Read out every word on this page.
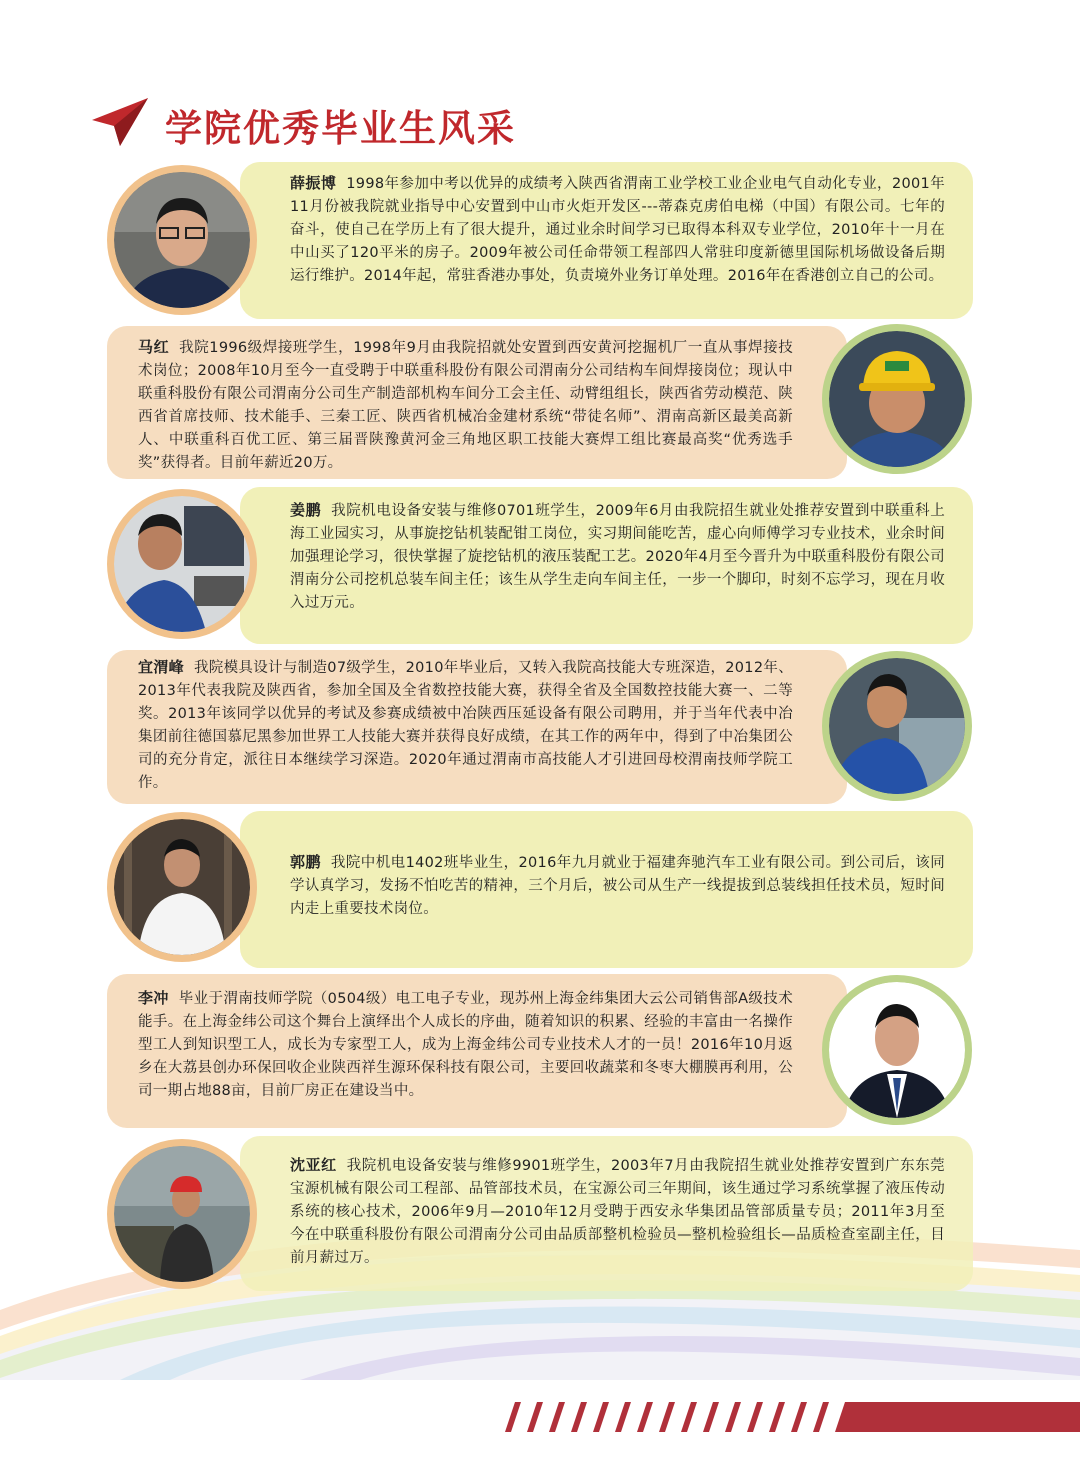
学院优秀毕业生风采
薛振博 1998年参加中考以优异的成绩考入陕西省渭南工业学校工业企业电气自动化专业，2001年11月份被我院就业指导中心安置到中山市火炬开发区---蒂森克虏伯电梯（中国）有限公司。七年的奋斗，使自己在学历上有了很大提升，通过业余时间学习已取得本科双专业学位，2010年十一月在中山买了120平米的房子。2009年被公司任命带领工程部四人常驻印度新德里国际机场做设备后期运行维护。2014年起，常驻香港办事处，负责境外业务订单处理。2016年在香港创立自己的公司。
马红 我院1996级焊接班学生，1998年9月由我院招就处安置到西安黄河挖掘机厂一直从事焊接技术岗位；2008年10月至今一直受聘于中联重科股份有限公司渭南分公司结构车间焊接岗位；现认中联重科股份有限公司渭南分公司生产制造部机构车间分工会主任、动臂组组长，陕西省劳动模范、陕西省首席技师、技术能手、三秦工匠、陕西省机械冶金建材系统“带徒名师”、渭南高新区最美高新人、中联重科百优工匠、第三届晋陕豫黄河金三角地区职工技能大赛焊工组比赛最高奖“优秀选手奖”获得者。目前年薪近20万。
姜鹏 我院机电设备安装与维修0701班学生，2009年6月由我院招生就业处推荐安置到中联重科上海工业园实习，从事旋挖钻机装配钳工岗位，实习期间能吃苦，虚心向师傅学习专业技术，业余时间加强理论学习，很快掌握了旋挖钻机的液压装配工艺。2020年4月至今晋升为中联重科股份有限公司渭南分公司挖机总装车间主任；该生从学生走向车间主任，一步一个脚印，时刻不忘学习，现在月收入过万元。
宜渭峰 我院模具设计与制造07级学生，2010年毕业后，又转入我院高技能大专班深造，2012年、2013年代表我院及陕西省，参加全国及全省数控技能大赛，获得全省及全国数控技能大赛一、二等奖。2013年该同学以优异的考试及参赛成绩被中冶陕西压延设备有限公司聘用，并于当年代表中冶集团前往德国慕尼黑参加世界工人技能大赛并获得良好成绩，在其工作的两年中，得到了中冶集团公司的充分肯定，派往日本继续学习深造。2020年通过渭南市高技能人才引进回母校渭南技师学院工作。
郭鹏 我院中机电1402班毕业生，2016年九月就业于福建奔驰汽车工业有限公司。到公司后，该同学认真学习，发扬不怕吃苦的精神，三个月后，被公司从生产一线提拔到总装线担任技术员，短时间内走上重要技术岗位。
李冲 毕业于渭南技师学院（0504级）电工电子专业，现苏州上海金纬集团大云公司销售部A级技术能手。在上海金纬公司这个舞台上演绎出个人成长的序曲，随着知识的积累、经验的丰富由一名操作型工人到知识型工人，成长为专家型工人，成为上海金纬公司专业技术人才的一员！2016年10月返乡在大荔县创办环保回收企业陕西祥生源环保科技有限公司，主要回收蔬菜和冬枣大棚膜再利用，公司一期占地88亩，目前厂房正在建设当中。
沈亚红 我院机电设备安装与维修9901班学生，2003年7月由我院招生就业处推荐安置到广东东莞宝源机械有限公司工程部、品管部技术员，在宝源公司三年期间，该生通过学习系统掌握了液压传动系统的核心技术，2006年9月—2010年12月受聘于西安永华集团品管部质量专员；2011年3月至今在中联重科股份有限公司渭南分公司由品质部整机检验员—整机检验组长—品质检查室副主任，目前月薪过万。
